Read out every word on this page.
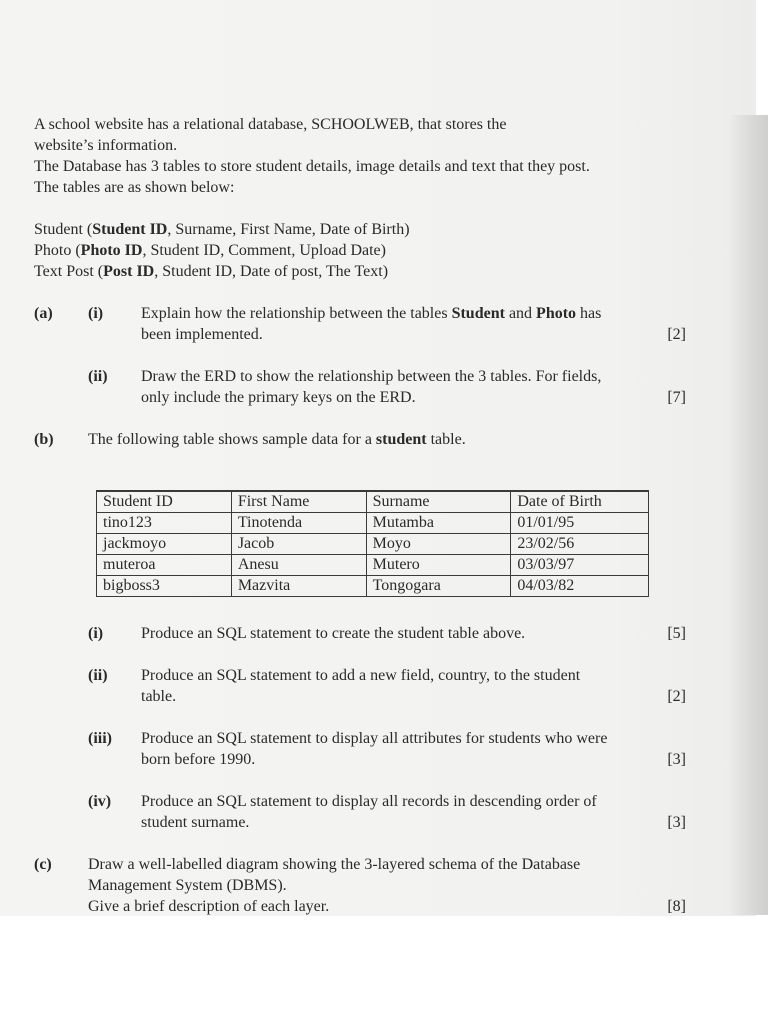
A school website has a relational database, SCHOOLWEB, that stores the
website’s information.
The Database has 3 tables to store student details, image details and text that they post.
The tables are as shown below:
Student (Student ID, Surname, First Name, Date of Birth)
Photo (Photo ID, Student ID, Comment, Upload Date)
Text Post (Post ID, Student ID, Date of post, The Text)
(a) (i) Explain how the relationship between the tables Student and Photo has
been implemented.	[2]
(ii) Draw the ERD to show the relationship between the 3 tables. For fields,
only include the primary keys on the ERD.	[7]
(b) The following table shows sample data for a student table.
Student ID	First Name	Surname	Date of Birth
tino123	Tinotenda	Mutamba	01/01/95
jackmoyo	Jacob	Moyo	23/02/56
muteroa	Anesu	Mutero	03/03/97
bigboss3	Mazvita	Tongogara	04/03/82
(i) Produce an SQL statement to create the student table above.	[5]
(ii) Produce an SQL statement to add a new field, country, to the student
table.	[2]
(iii) Produce an SQL statement to display all attributes for students who were
born before 1990.	[3]
(iv) Produce an SQL statement to display all records in descending order of
student surname.	[3]
(c) Draw a well-labelled diagram showing the 3-layered schema of the Database
Management System (DBMS).
Give a brief description of each layer.	[8]
